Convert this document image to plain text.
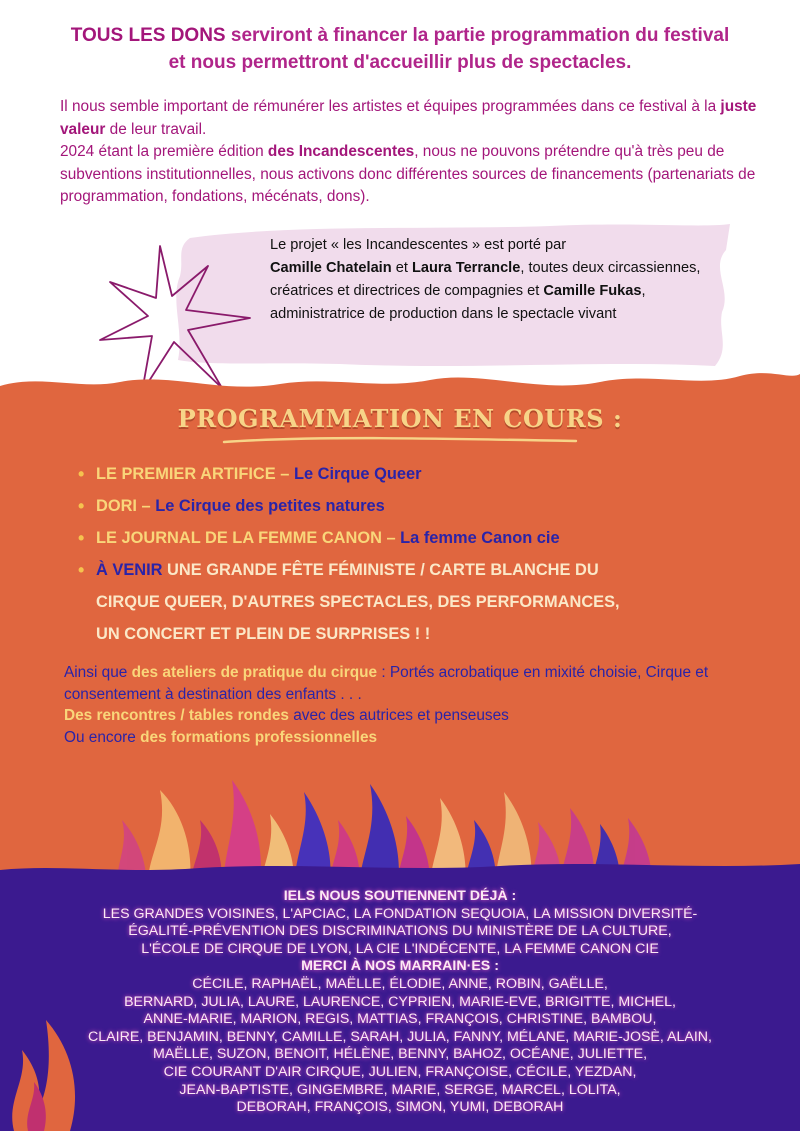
TOUS LES DONS serviront à financer la partie programmation du festival
et nous permettront d'accueillir plus de spectacles.
Il nous semble important de rémunérer les artistes et équipes programmées dans ce festival à la juste valeur de leur travail.
2024 étant la première édition des Incandescentes, nous ne pouvons prétendre qu'à très peu de subventions institutionnelles, nous activons donc différentes sources de financements (partenariats de programmation, fondations, mécénats, dons).
Le projet « les Incandescentes » est porté par
Camille Chatelain et Laura Terrancle, toutes deux circassiennes, créatrices et directrices de compagnies et Camille Fukas, administratrice de production dans le spectacle vivant
PROGRAMMATION EN COURS :
• LE PREMIER ARTIFICE – Le Cirque Queer
• DORI – Le Cirque des petites natures
• LE JOURNAL DE LA FEMME CANON – La femme Canon cie
• À VENIR UNE GRANDE FÊTE FÉMINISTE / CARTE BLANCHE DU
CIRQUE QUEER, D'AUTRES SPECTACLES, DES PERFORMANCES,
UN CONCERT ET PLEIN DE SURPRISES ! !
Ainsi que des ateliers de pratique du cirque : Portés acrobatique en mixité choisie, Cirque et consentement à destination des enfants . . .
Des rencontres / tables rondes avec des autrices et penseuses
Ou encore des formations professionnelles
IELS NOUS SOUTIENNENT DÉJÀ :
LES GRANDES VOISINES, L'APCIAC, LA FONDATION SEQUOIA, LA MISSION DIVERSITÉ-
ÉGALITÉ-PRÉVENTION DES DISCRIMINATIONS DU MINISTÈRE DE LA CULTURE,
L'ÉCOLE DE CIRQUE DE LYON, LA CIE L'INDÉCENTE, LA FEMME CANON CIE
MERCI À NOS MARRAIN·ES :
CÉCILE, RAPHAËL, MAËLLE, ÉLODIE, ANNE, ROBIN, GAËLLE,
BERNARD, JULIA, LAURE, LAURENCE, CYPRIEN, MARIE-EVE, BRIGITTE, MICHEL,
ANNE-MARIE, MARION, REGIS, MATTIAS, FRANÇOIS, CHRISTINE, BAMBOU,
CLAIRE, BENJAMIN, BENNY, CAMILLE, SARAH, JULIA, FANNY, MÉLANE, MARIE-JOSÈ, ALAIN,
MAËLLE, SUZON, BENOIT, HÉLÈNE, BENNY, BAHOZ, OCÉANE, JULIETTE,
CIE COURANT D'AIR CIRQUE, JULIEN, FRANÇOISE, CÉCILE, YEZDAN,
JEAN-BAPTISTE, GINGEMBRE, MARIE, SERGE, MARCEL, LOLITA,
DEBORAH, FRANÇOIS, SIMON, YUMI, DEBORAH
